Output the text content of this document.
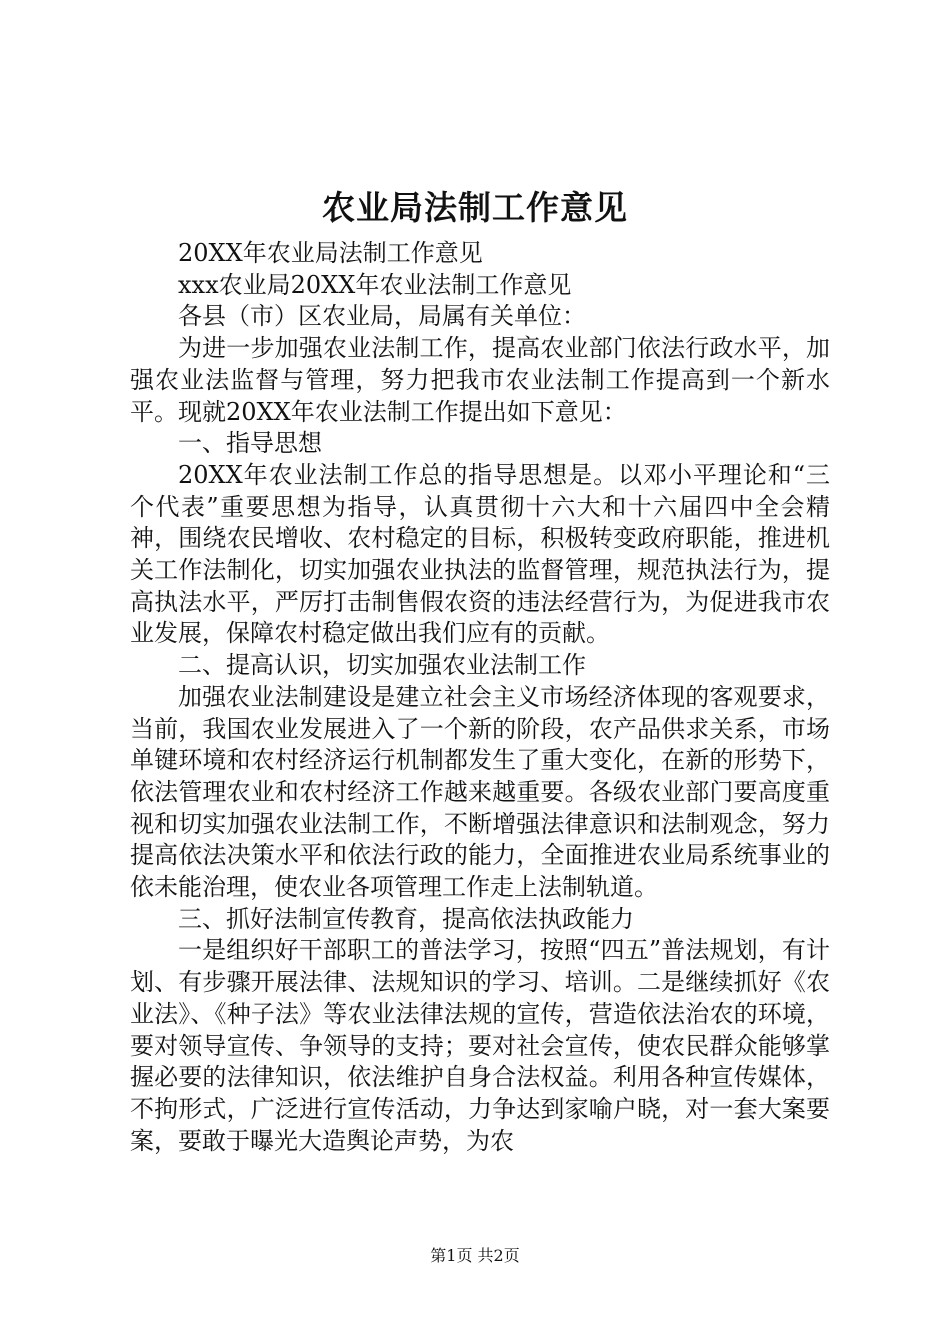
农业局法制工作意见

20XX年农业局法制工作意见

xxx农业局20XX年农业法制工作意见

各县（市）区农业局，局属有关单位：

为进一步加强农业法制工作，提高农业部门依法行政水平，加强农业法监督与管理，努力把我市农业法制工作提高到一个新水平。现就20XX年农业法制工作提出如下意见：

一、指导思想

20XX年农业法制工作总的指导思想是。以邓小平理论和“三个代表”重要思想为指导，认真贯彻十六大和十六届四中全会精神，围绕农民增收、农村稳定的目标，积极转变政府职能，推进机关工作法制化，切实加强农业执法的监督管理，规范执法行为，提高执法水平，严厉打击制售假农资的违法经营行为，为促进我市农业发展，保障农村稳定做出我们应有的贡献。

二、提高认识，切实加强农业法制工作

加强农业法制建设是建立社会主义市场经济体现的客观要求，当前，我国农业发展进入了一个新的阶段，农产品供求关系，市场单键环境和农村经济运行机制都发生了重大变化，在新的形势下，依法管理农业和农村经济工作越来越重要。各级农业部门要高度重视和切实加强农业法制工作，不断增强法律意识和法制观念，努力提高依法决策水平和依法行政的能力，全面推进农业局系统事业的依未能治理，使农业各项管理工作走上法制轨道。

三、抓好法制宣传教育，提高依法执政能力

一是组织好干部职工的普法学习，按照“四五”普法规划，有计划、有步骤开展法律、法规知识的学习、培训。二是继续抓好《农业法》、《种子法》等农业法律法规的宣传，营造依法治农的环境，要对领导宣传、争领导的支持；要对社会宣传，使农民群众能够掌握必要的法律知识，依法维护自身合法权益。利用各种宣传媒体，不拘形式，广泛进行宣传活动，力争达到家喻户晓，对一套大案要案，要敢于曝光大造舆论声势，为农

第1页 共2页
